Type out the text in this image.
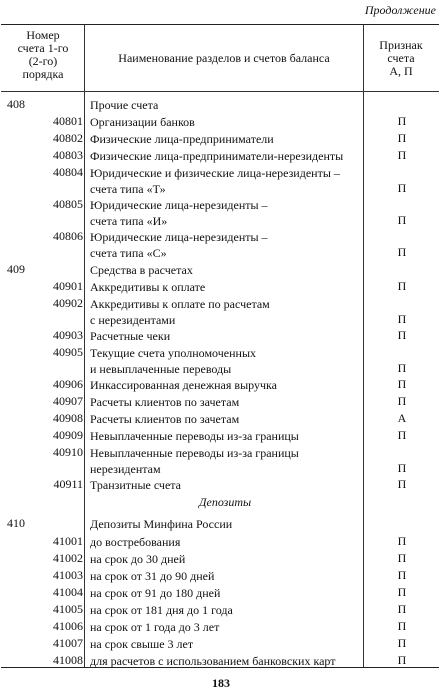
Продолжение
Номер
счета 1-го
(2-го)
порядка
Наименование разделов и счетов баланса
Признак
счета
А, П
408	Прочие счета
40801 Организации банков	П
40802 Физические лица-предприниматели	П
40803 Физические лица-предприниматели-нерезиденты	П
40804 Юридические и физические лица-нерезиденты –
счета типа «Т»	П
40805 Юридические лица-нерезиденты –
счета типа «И»	П
40806 Юридические лица-нерезиденты –
счета типа «С»	П
409	Средства в расчетах
40901 Аккредитивы к оплате	П
40902 Аккредитивы к оплате по расчетам
с нерезидентами	П
40903 Расчетные чеки	П
40905 Текущие счета уполномоченных
и невыплаченные переводы	П
40906 Инкассированная денежная выручка	П
40907 Расчеты клиентов по зачетам	П
40908 Расчеты клиентов по зачетам	А
40909 Невыплаченные переводы из-за границы	П
40910 Невыплаченные переводы из-за границы
нерезидентам	П
40911 Транзитные счета	П
Депозиты
410	Депозиты Минфина России
41001 до востребования	П
41002 на срок до 30 дней	П
41003 на срок от 31 до 90 дней	П
41004 на срок от 91 до 180 дней	П
41005 на срок от 181 дня до 1 года	П
41006 на срок от 1 года до 3 лет	П
41007 на срок свыше 3 лет	П
41008 для расчетов с использованием банковских карт	П
183
